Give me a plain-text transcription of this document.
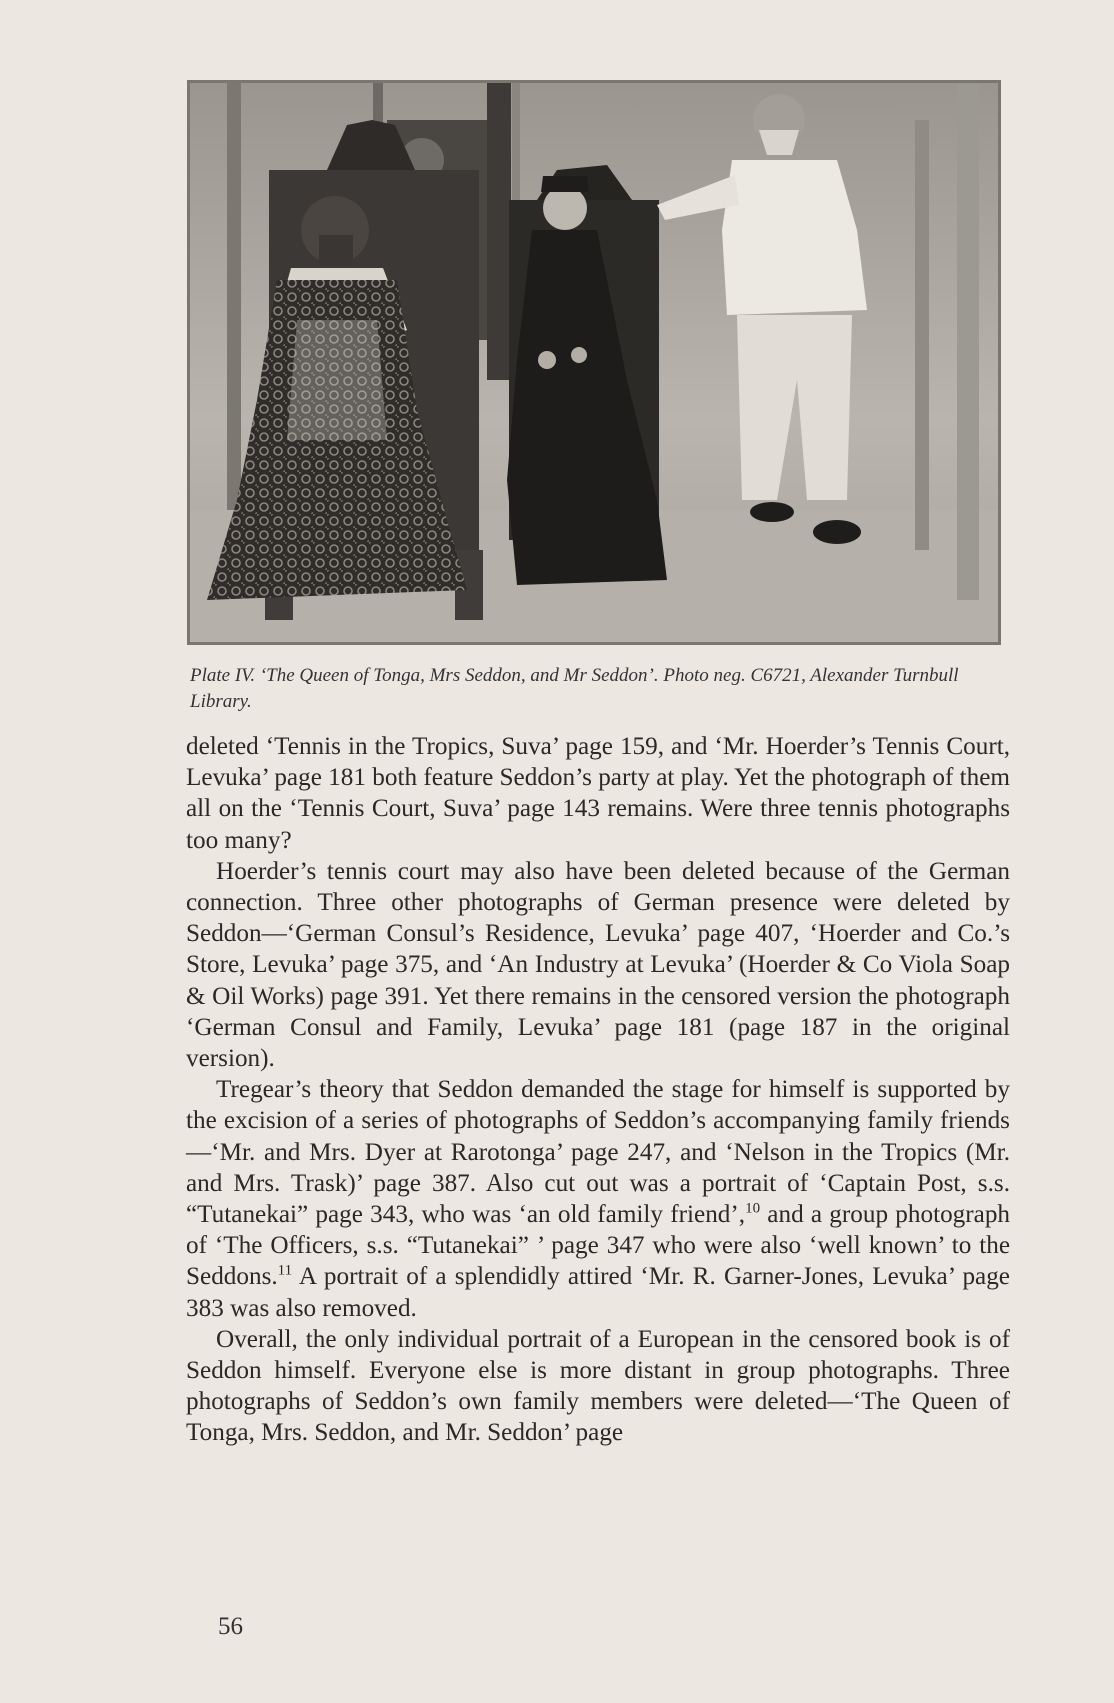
Plate IV. ‘The Queen of Tonga, Mrs Seddon, and Mr Seddon’. Photo neg. C6721, Alexander Turnbull Library.

deleted ‘Tennis in the Tropics, Suva’ page 159, and ‘Mr. Hoerder’s Tennis Court, Levuka’ page 181 both feature Seddon’s party at play. Yet the photograph of them all on the ‘Tennis Court, Suva’ page 143 remains. Were three tennis photographs too many?

Hoerder’s tennis court may also have been deleted because of the German connection. Three other photographs of German presence were deleted by Seddon—‘German Consul’s Residence, Levuka’ page 407, ‘Hoerder and Co.’s Store, Levuka’ page 375, and ‘An Industry at Levuka’ (Hoerder & Co Viola Soap & Oil Works) page 391. Yet there remains in the censored version the photograph ‘German Consul and Family, Levuka’ page 181 (page 187 in the original version).

Tregear’s theory that Seddon demanded the stage for himself is supported by the excision of a series of photographs of Seddon’s accompanying family friends—‘Mr. and Mrs. Dyer at Rarotonga’ page 247, and ‘Nelson in the Tropics (Mr. and Mrs. Trask)’ page 387. Also cut out was a portrait of ‘Captain Post, s.s. “Tutanekai” page 343, who was ‘an old family friend’,$^{10}$ and a group photograph of ‘The Officers, s.s. “Tutanekai” ’ page 347 who were also ‘well known’ to the Seddons.$^{11}$ A portrait of a splendidly attired ‘Mr. R. Garner-Jones, Levuka’ page 383 was also removed.

Overall, the only individual portrait of a European in the censored book is of Seddon himself. Everyone else is more distant in group photographs. Three photographs of Seddon’s own family members were deleted—‘The Queen of Tonga, Mrs. Seddon, and Mr. Seddon’ page

56
